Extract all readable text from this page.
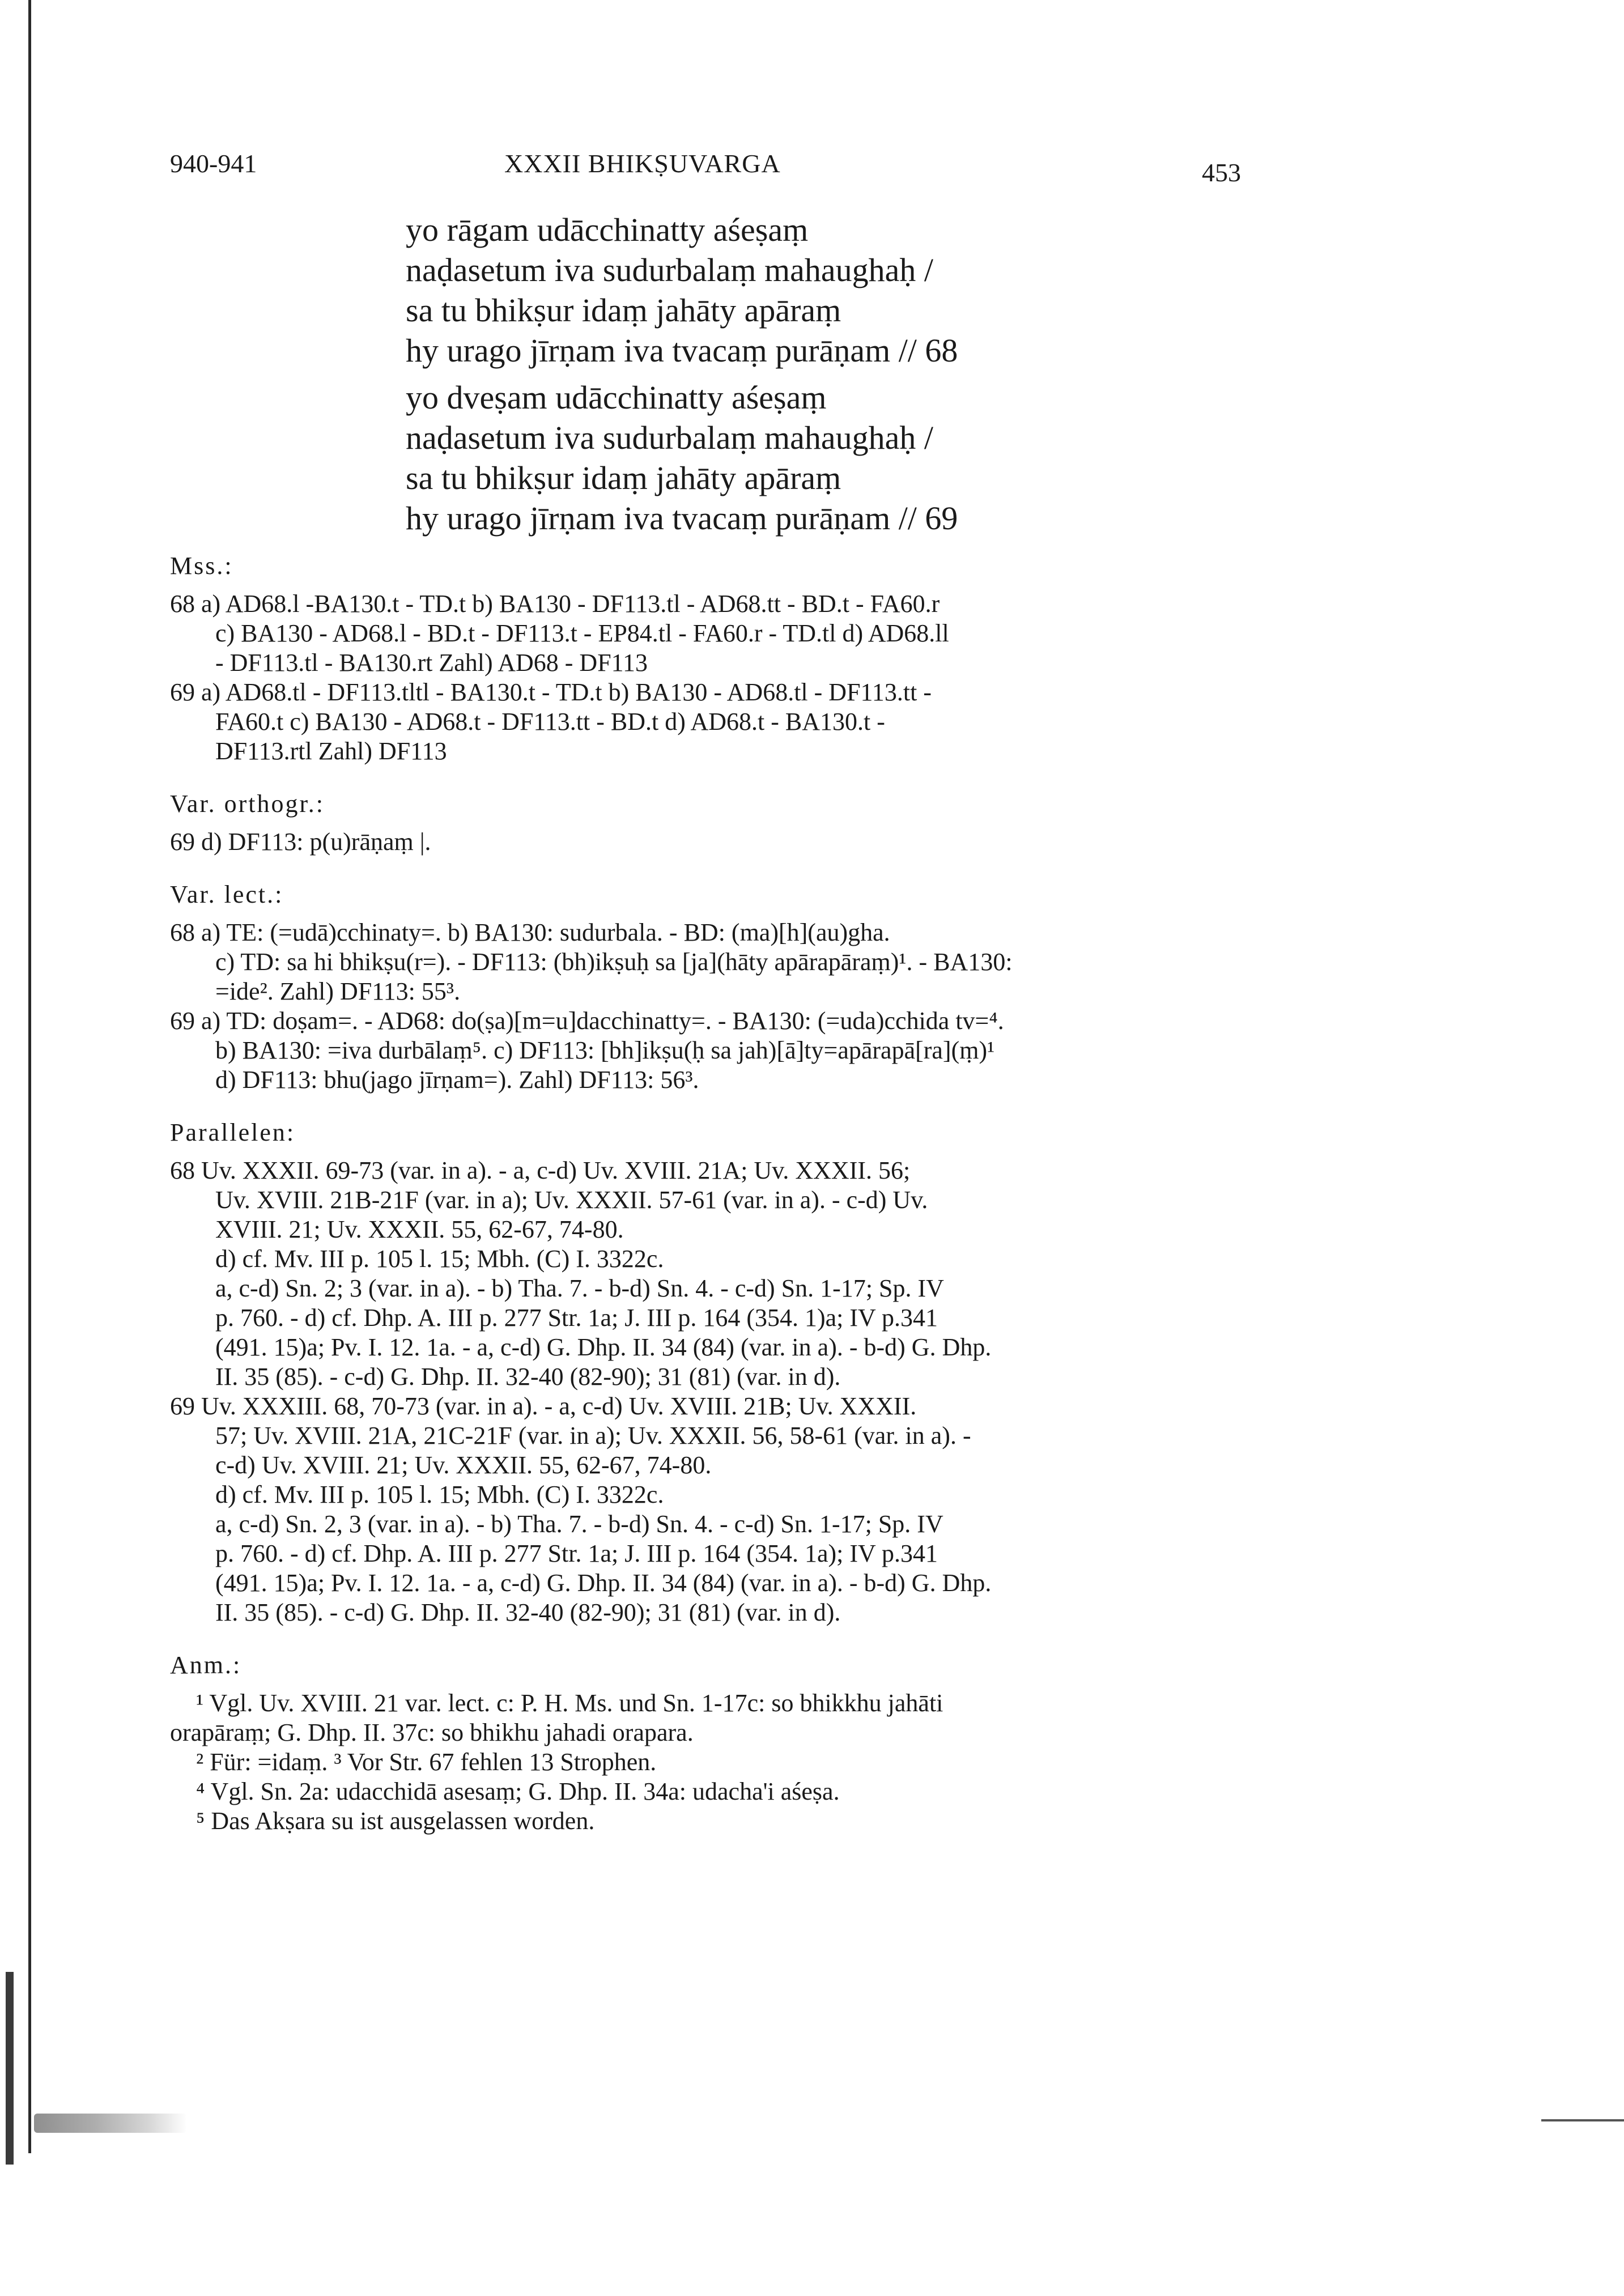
940-941	XXXII BHIKṢUVARGA	453
yo rāgam udācchinatty aśeṣaṃ
naḍasetum iva sudurbalaṃ mahaughaḥ /
sa tu bhikṣur idaṃ jahāty apāraṃ
hy urago jīrṇam iva tvacaṃ purāṇam // 68
yo dveṣam udācchinatty aśeṣaṃ
naḍasetum iva sudurbalaṃ mahaughaḥ /
sa tu bhikṣur idaṃ jahāty apāraṃ
hy urago jīrṇam iva tvacaṃ purāṇam // 69
Mss.:
68 a) AD68.l -BA130.t - TD.t b) BA130 - DF113.tl - AD68.tt - BD.t - FA60.r
c) BA130 - AD68.l - BD.t - DF113.t - EP84.tl - FA60.r - TD.tl d) AD68.ll
- DF113.tl - BA130.rt Zahl) AD68 - DF113
69 a) AD68.tl - DF113.tltl - BA130.t - TD.t b) BA130 - AD68.tl - DF113.tt -
FA60.t c) BA130 - AD68.t - DF113.tt - BD.t d) AD68.t - BA130.t -
DF113.rtl Zahl) DF113
Var. orthogr.:
69 d) DF113: p(u)rāṇaṃ |.
Var. lect.:
68 a) TE: (=udā)cchinaty=. b) BA130: sudurbala. - BD: (ma)[h](au)gha.
c) TD: sa hi bhikṣu(r=). - DF113: (bh)ikṣuḥ sa [ja](hāty apārapāraṃ)¹. - BA130:
=ide². Zahl) DF113: 55³.
69 a) TD: doṣam=. - AD68: do(ṣa)[m=u]dacchinatty=. - BA130: (=uda)cchida tv=⁴.
b) BA130: =iva durbālaṃ⁵. c) DF113: [bh]ikṣu(ḥ sa jah)[ā]ty=apārapā[ra](ṃ)¹
d) DF113: bhu(jago jīrṇam=). Zahl) DF113: 56³.
Parallelen:
68 Uv. XXXII. 69-73 (var. in a). - a, c-d) Uv. XVIII. 21A; Uv. XXXII. 56;
Uv. XVIII. 21B-21F (var. in a); Uv. XXXII. 57-61 (var. in a). - c-d) Uv.
XVIII. 21; Uv. XXXII. 55, 62-67, 74-80.
d) cf. Mv. III p. 105 l. 15; Mbh. (C) I. 3322c.
a, c-d) Sn. 2; 3 (var. in a). - b) Tha. 7. - b-d) Sn. 4. - c-d) Sn. 1-17; Sp. IV
p. 760. - d) cf. Dhp. A. III p. 277 Str. 1a; J. III p. 164 (354. 1)a; IV p.341
(491. 15)a; Pv. I. 12. 1a. - a, c-d) G. Dhp. II. 34 (84) (var. in a). - b-d) G. Dhp.
II. 35 (85). - c-d) G. Dhp. II. 32-40 (82-90); 31 (81) (var. in d).
69 Uv. XXXIII. 68, 70-73 (var. in a). - a, c-d) Uv. XVIII. 21B; Uv. XXXII.
57; Uv. XVIII. 21A, 21C-21F (var. in a); Uv. XXXII. 56, 58-61 (var. in a). -
c-d) Uv. XVIII. 21; Uv. XXXII. 55, 62-67, 74-80.
d) cf. Mv. III p. 105 l. 15; Mbh. (C) I. 3322c.
a, c-d) Sn. 2, 3 (var. in a). - b) Tha. 7. - b-d) Sn. 4. - c-d) Sn. 1-17; Sp. IV
p. 760. - d) cf. Dhp. A. III p. 277 Str. 1a; J. III p. 164 (354. 1a); IV p.341
(491. 15)a; Pv. I. 12. 1a. - a, c-d) G. Dhp. II. 34 (84) (var. in a). - b-d) G. Dhp.
II. 35 (85). - c-d) G. Dhp. II. 32-40 (82-90); 31 (81) (var. in d).
Anm.:
¹ Vgl. Uv. XVIII. 21 var. lect. c: P. H. Ms. und Sn. 1-17c: so bhikkhu jahāti
orapāraṃ; G. Dhp. II. 37c: so bhikhu jahadi orapara.
² Für: =idaṃ. ³ Vor Str. 67 fehlen 13 Strophen.
⁴ Vgl. Sn. 2a: udacchidā asesaṃ; G. Dhp. II. 34a: udacha'i aśeṣa.
⁵ Das Akṣara su ist ausgelassen worden.
